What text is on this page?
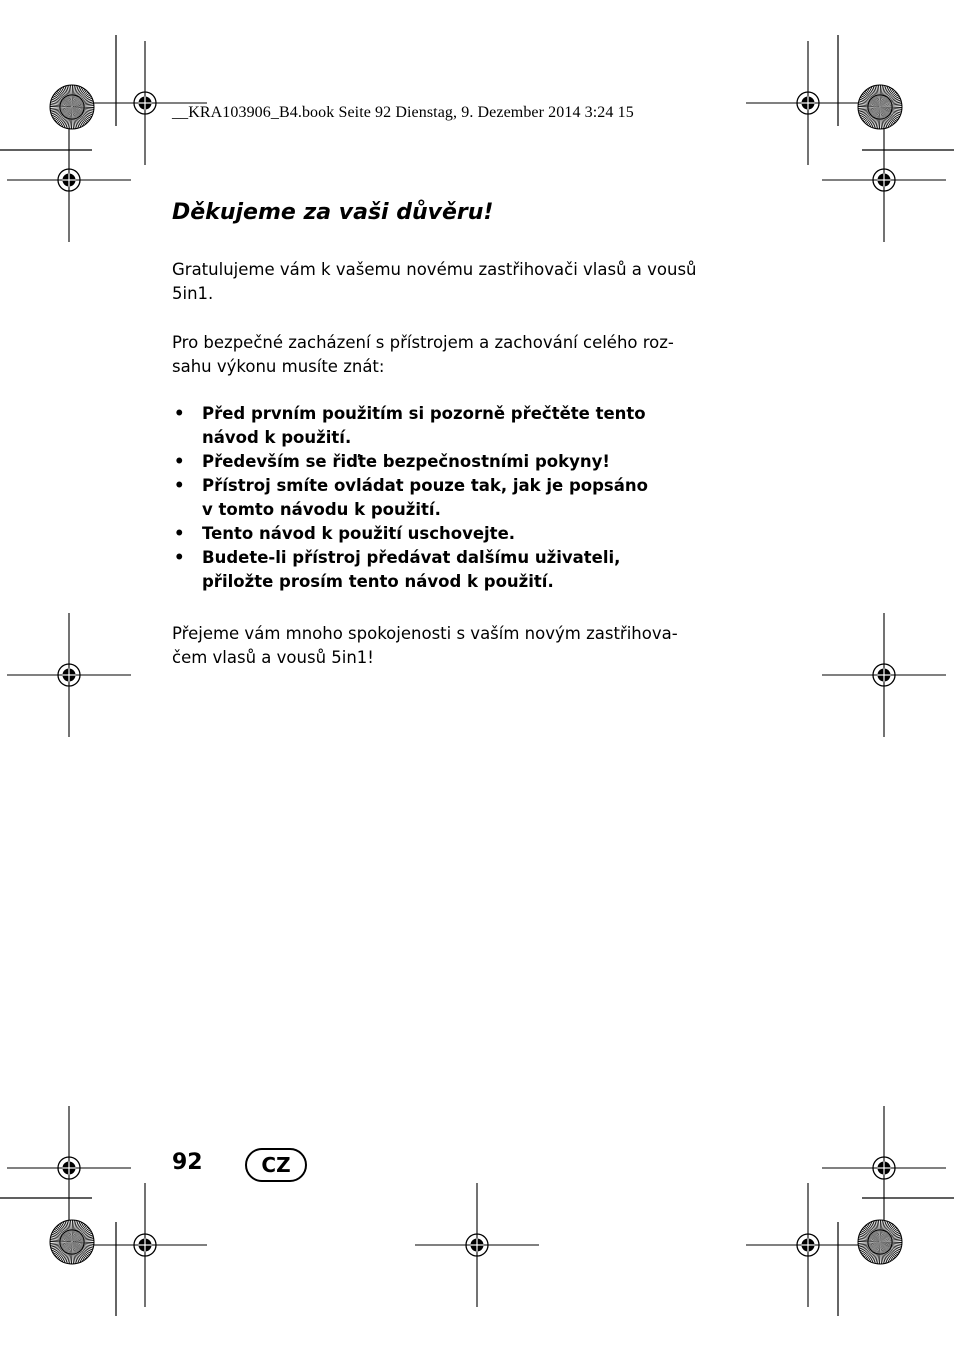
__KRA103906_B4.book Seite 92 Dienstag, 9. Dezember 2014 3:24 15
Děkujeme za vaši důvěru!

Gratulujeme vám k vašemu novému zastřihovači vlasů a vousů
5in1.

Pro bezpečné zacházení s přístrojem a zachování celého roz-
sahu výkonu musíte znát:

• Před prvním použitím si pozorně přečtěte tento
návod k použití.
• Především se řiďte bezpečnostními pokyny!
• Přístroj smíte ovládat pouze tak, jak je popsáno
v tomto návodu k použití.
• Tento návod k použití uschovejte.
• Budete-li přístroj předávat dalšímu uživateli,
přiložte prosím tento návod k použití.

Přejeme vám mnoho spokojenosti s vaším novým zastřihova-
čem vlasů a vousů 5in1!

92	CZ
